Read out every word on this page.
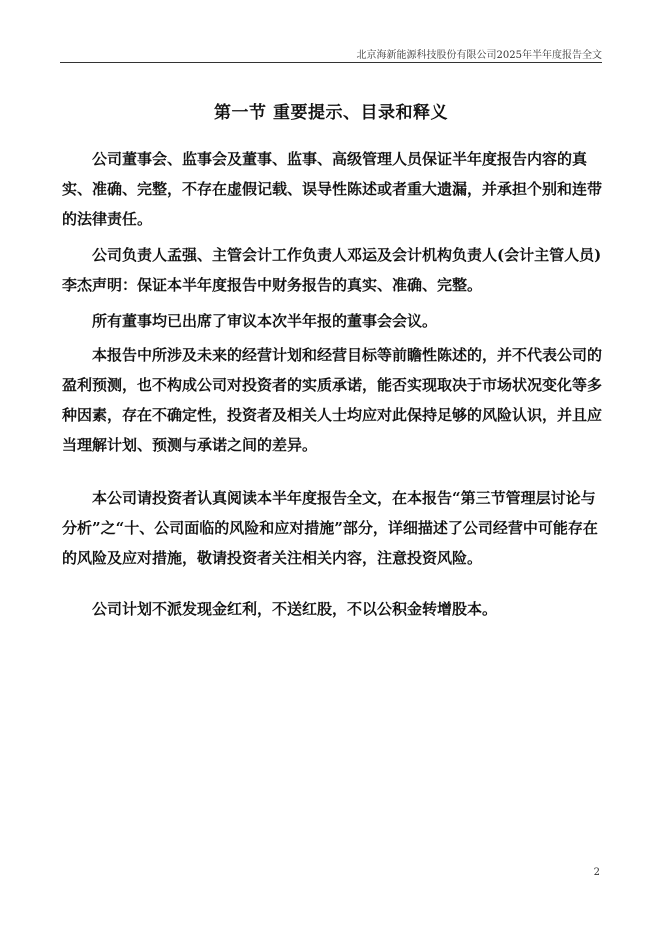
北京海新能源科技股份有限公司2025年半年度报告全文
第一节 重要提示、目录和释义

公司董事会、监事会及董事、监事、高级管理人员保证半年度报告内容的真实、准确、完整，不存在虚假记载、误导性陈述或者重大遗漏，并承担个别和连带的法律责任。

公司负责人孟强、主管会计工作负责人邓运及会计机构负责人(会计主管人员)李杰声明：保证本半年度报告中财务报告的真实、准确、完整。

所有董事均已出席了审议本次半年报的董事会会议。

本报告中所涉及未来的经营计划和经营目标等前瞻性陈述的，并不代表公司的盈利预测，也不构成公司对投资者的实质承诺，能否实现取决于市场状况变化等多种因素，存在不确定性，投资者及相关人士均应对此保持足够的风险认识，并且应当理解计划、预测与承诺之间的差异。

本公司请投资者认真阅读本半年度报告全文，在本报告“第三节管理层讨论与分析”之“十、公司面临的风险和应对措施”部分，详细描述了公司经营中可能存在的风险及应对措施，敬请投资者关注相关内容，注意投资风险。

公司计划不派发现金红利，不送红股，不以公积金转增股本。

2
